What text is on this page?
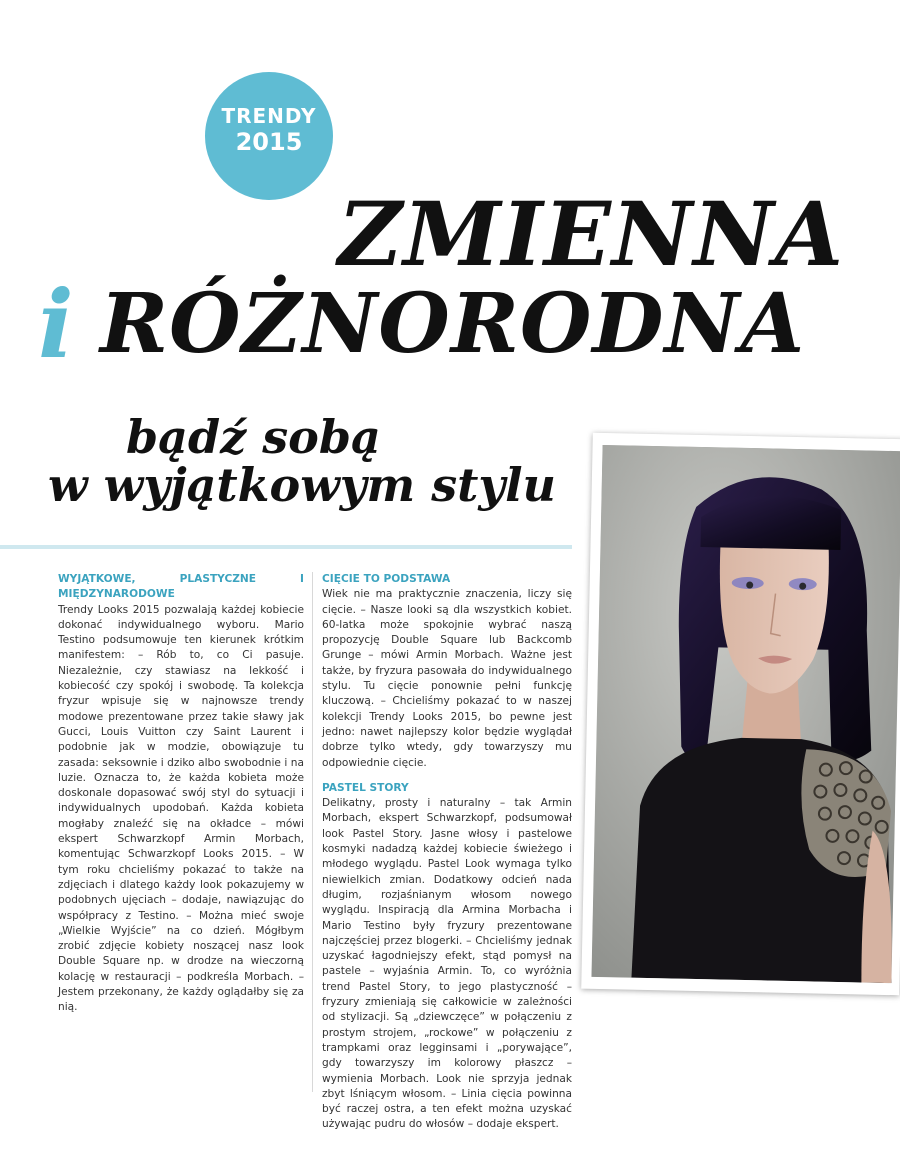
TRENDY
2015
ZMIENNA
i RÓŻNORODNA
bądź sobą
w wyjątkowym stylu

WYJĄTKOWE, PLASTYCZNE I MIĘDZYNARODOWE

Trendy Looks 2015 pozwalają każdej kobiecie dokonać indywidualnego wyboru. Mario Testino podsumowuje ten kierunek krótkim manifestem: – Rób to, co Ci pasuje. Niezależnie, czy stawiasz na lekkość i kobiecość czy spokój i swobodę. Ta kolekcja fryzur wpisuje się w najnowsze trendy modowe prezentowane przez takie sławy jak Gucci, Louis Vuitton czy Saint Laurent i podobnie jak w modzie, obowiązuje tu zasada: seksownie i dziko albo swobodnie i na luzie. Oznacza to, że każda kobieta może doskonale dopasować swój styl do sytuacji i indywidualnych upodobań. Każda kobieta mogłaby znaleźć się na okładce – mówi ekspert Schwarzkopf Armin Morbach, komentując Schwarzkopf Looks 2015. – W tym roku chcieliśmy pokazać to także na zdjęciach i dlatego każdy look pokazujemy w podobnych ujęciach – dodaje, nawiązując do współpracy z Testino. – Można mieć swoje „Wielkie Wyjście” na co dzień. Mógłbym zrobić zdjęcie kobiety noszącej nasz look Double Square np. w drodze na wieczorną kolację w restauracji – podkreśla Morbach. – Jestem przekonany, że każdy oglądałby się za nią.

CIĘCIE TO PODSTAWA

Wiek nie ma praktycznie znaczenia, liczy się cięcie. – Nasze looki są dla wszystkich kobiet. 60-latka może spokojnie wybrać naszą propozycję Double Square lub Backcomb Grunge – mówi Armin Morbach. Ważne jest także, by fryzura pasowała do indywidualnego stylu. Tu cięcie ponownie pełni funkcję kluczową. – Chcieliśmy pokazać to w naszej kolekcji Trendy Looks 2015, bo pewne jest jedno: nawet najlepszy kolor będzie wyglądał dobrze tylko wtedy, gdy towarzyszy mu odpowiednie cięcie.

PASTEL STORY

Delikatny, prosty i naturalny – tak Armin Morbach, ekspert Schwarzkopf, podsumował look Pastel Story. Jasne włosy i pastelowe kosmyki nadadzą każdej kobiecie świeżego i młodego wyglądu. Pastel Look wymaga tylko niewielkich zmian. Dodatkowy odcień nada długim, rozjaśnianym włosom nowego wyglądu. Inspiracją dla Armina Morbacha i Mario Testino były fryzury prezentowane najczęściej przez blogerki. – Chcieliśmy jednak uzyskać łagodniejszy efekt, stąd pomysł na pastele – wyjaśnia Armin. To, co wyróżnia trend Pastel Story, to jego plastyczność – fryzury zmieniają się całkowicie w zależności od stylizacji. Są „dziewczęce” w połączeniu z prostym strojem, „rockowe” w połączeniu z trampkami oraz legginsami i „porywające”, gdy towarzyszy im kolorowy płaszcz – wymienia Morbach. Look nie sprzyja jednak zbyt lśniącym włosom. – Linia cięcia powinna być raczej ostra, a ten efekt można uzyskać używając pudru do włosów – dodaje ekspert.
